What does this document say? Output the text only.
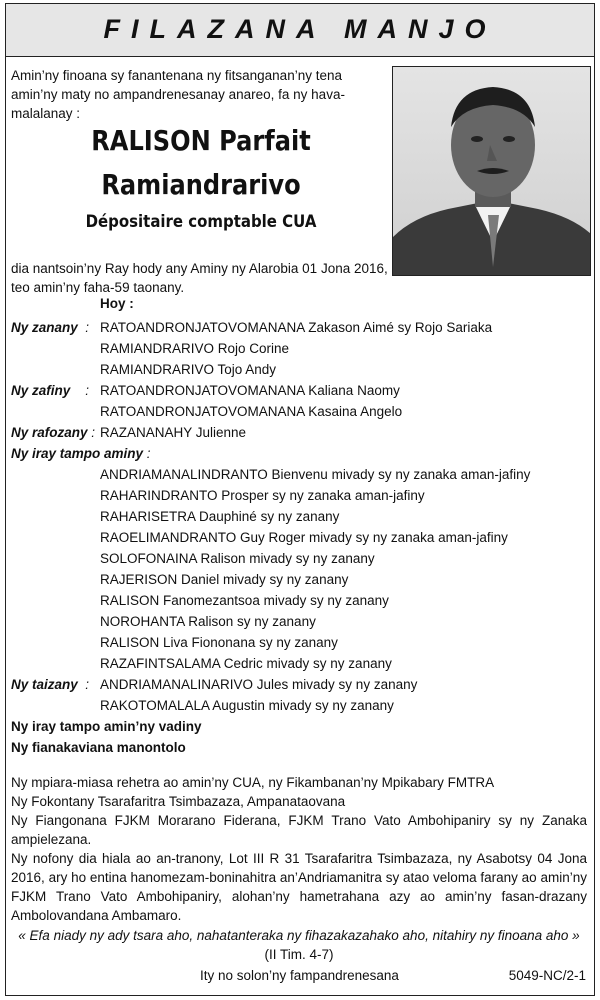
FILAZANA MANJO
Amin’ny finoana sy fanantenana ny fitsanganan’ny tena amin’ny maty no ampandrenesanay anareo, fa ny hava-malalanay :
RALISON Parfait
Ramiandrarivo
Dépositaire comptable CUA
dia nantsoin’ny Ray hody any Aminy ny Alarobia 01 Jona 2016, teo amin’ny faha-59 taonany.
Hoy :
Ny zanany  : RATOANDRONJATOVOMANANA Zakason Aimé sy Rojo Sariaka
RAMIANDRARIVO Rojo Corine
RAMIANDRARIVO Tojo Andy
Ny zafiny    : RATOANDRONJATOVOMANANA Kaliana Naomy
RATOANDRONJATOVOMANANA Kasaina Angelo
Ny rafozany : RAZANANAHY Julienne
Ny iray tampo aminy :
ANDRIAMANALINDRANTO Bienvenu mivady sy ny zanaka aman-jafiny
RAHARINDRANTO Prosper sy ny zanaka aman-jafiny
RAHARISETRA Dauphiné sy ny zanany
RAOELIMANDRANTO Guy Roger mivady sy ny zanaka aman-jafiny
SOLOFONAINA Ralison mivady sy ny zanany
RAJERISON Daniel mivady sy ny zanany
RALISON Fanomezantsoa mivady sy ny zanany
NOROHANTA Ralison sy ny zanany
RALISON Liva Fiononana sy ny zanany
RAZAFINTSALAMA Cedric mivady sy ny zanany
Ny taizany  : ANDRIAMANALINARIVO Jules mivady sy ny zanany
RAKOTOMALALA Augustin mivady sy ny zanany
Ny iray tampo amin’ny vadiny
Ny fianakaviana manontolo
Ny mpiara-miasa rehetra ao amin’ny CUA, ny Fikambanan’ny Mpikabary FMTRA
Ny Fokontany Tsarafaritra Tsimbazaza, Ampanataovana
Ny Fiangonana FJKM Morarano Fiderana, FJKM Trano Vato Ambohipaniry sy ny Zanaka ampielezana.
Ny nofony dia hiala ao an-tranony, Lot III R 31 Tsarafaritra Tsimbazaza, ny Asabotsy 04 Jona 2016, ary ho entina hanomezam-boninahitra an’Andriamanitra sy atao veloma farany ao amin’ny FJKM Trano Vato Ambohipaniry, alohan’ny hametrahana azy ao amin’ny fasan-drazany Ambolovandana Ambamaro.
« Efa niady ny ady tsara aho, nahatanteraka ny fihazakazahako aho, nitahiry ny finoana aho »
(II Tim. 4-7)
Ity no solon’ny fampandrenesana	5049-NC/2-1
